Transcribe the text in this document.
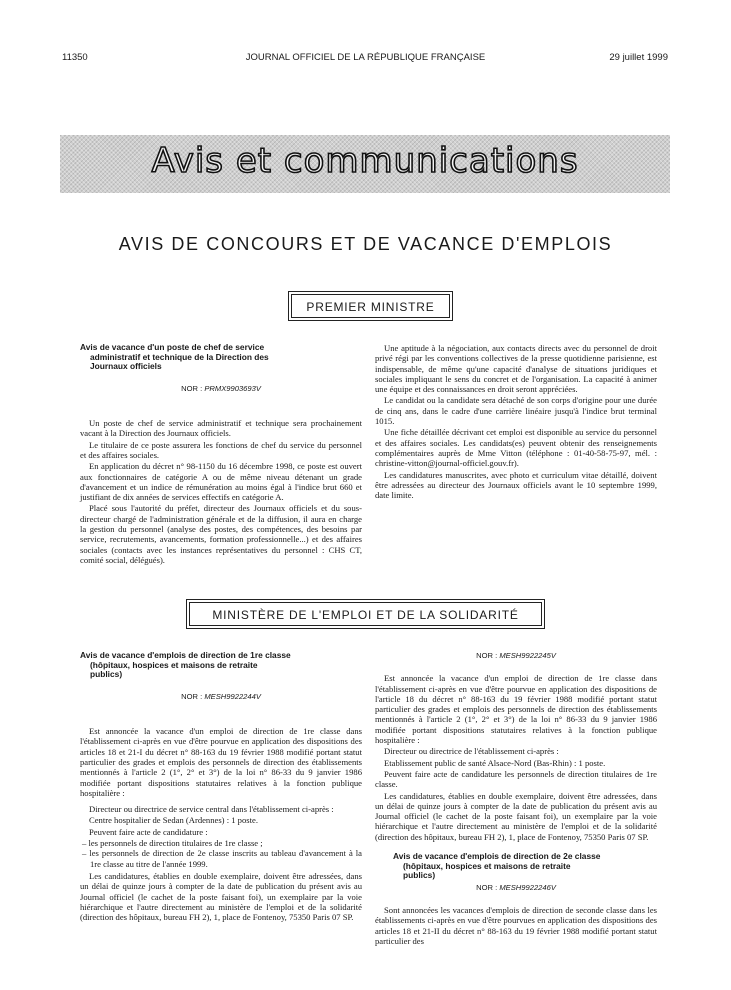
11350	JOURNAL OFFICIEL DE LA RÉPUBLIQUE FRANÇAISE	29 juillet 1999
Avis et communications
AVIS DE CONCOURS ET DE VACANCE D'EMPLOIS
PREMIER MINISTRE

Avis de vacance d'un poste de chef de service
administratif et technique de la Direction des
Journaux officiels

NOR : PRMX9903693V

Un poste de chef de service administratif et technique sera prochainement vacant à la Direction des Journaux officiels.

Le titulaire de ce poste assurera les fonctions de chef du service du personnel et des affaires sociales.

En application du décret n° 98-1150 du 16 décembre 1998, ce poste est ouvert aux fonctionnaires de catégorie A ou de même niveau détenant un grade d'avancement et un indice de rémunération au moins égal à l'indice brut 660 et justifiant de dix années de services effectifs en catégorie A.

Placé sous l'autorité du préfet, directeur des Journaux officiels et du sous-directeur chargé de l'administration générale et de la diffusion, il aura en charge la gestion du personnel (analyse des postes, des compétences, des besoins par service, recrutements, avancements, formation professionnelle...) et des affaires sociales (contacts avec les instances représentatives du personnel : CHS CT, comité social, délégués).

Une aptitude à la négociation, aux contacts directs avec du personnel de droit privé régi par les conventions collectives de la presse quotidienne parisienne, est indispensable, de même qu'une capacité d'analyse de situations juridiques et sociales impliquant le sens du concret et de l'organisation. La capacité à animer une équipe et des connaissances en droit seront appréciées.

Le candidat ou la candidate sera détaché de son corps d'origine pour une durée de cinq ans, dans le cadre d'une carrière linéaire jusqu'à l'indice brut terminal 1015.

Une fiche détaillée décrivant cet emploi est disponible au service du personnel et des affaires sociales. Les candidats(es) peuvent obtenir des renseignements complémentaires auprès de Mme Vitton (téléphone : 01-40-58-75-97, mél. : christine-vitton@journal-officiel.gouv.fr).

Les candidatures manuscrites, avec photo et curriculum vitae détaillé, doivent être adressées au directeur des Journaux officiels avant le 10 septembre 1999, date limite.

MINISTÈRE DE L'EMPLOI ET DE LA SOLIDARITÉ

Avis de vacance d'emplois de direction de 1re classe
(hôpitaux, hospices et maisons de retraite
publics)

NOR : MESH9922244V

Est annoncée la vacance d'un emploi de direction de 1re classe dans l'établissement ci-après en vue d'être pourvue en application des dispositions des articles 18 et 21-I du décret n° 88-163 du 19 février 1988 modifié portant statut particulier des grades et emplois des personnels de direction des établissements mentionnés à l'article 2 (1°, 2° et 3°) de la loi n° 86-33 du 9 janvier 1986 modifiée portant dispositions statutaires relatives à la fonction publique hospitalière :

Directeur ou directrice de service central dans l'établissement ci-après :

Centre hospitalier de Sedan (Ardennes) : 1 poste.

Peuvent faire acte de candidature :

– les personnels de direction titulaires de 1re classe ;
– les personnels de direction de 2e classe inscrits au tableau d'avancement à la 1re classe au titre de l'année 1999.

Les candidatures, établies en double exemplaire, doivent être adressées, dans un délai de quinze jours à compter de la date de publication du présent avis au Journal officiel (le cachet de la poste faisant foi), un exemplaire par la voie hiérarchique et l'autre directement au ministère de l'emploi et de la solidarité (direction des hôpitaux, bureau FH 2), 1, place de Fontenoy, 75350 Paris 07 SP.

NOR : MESH9922245V

Est annoncée la vacance d'un emploi de direction de 1re classe dans l'établissement ci-après en vue d'être pourvue en application des dispositions de l'article 18 du décret n° 88-163 du 19 février 1988 modifié portant statut particulier des grades et emplois des personnels de direction des établissements mentionnés à l'article 2 (1°, 2° et 3°) de la loi n° 86-33 du 9 janvier 1986 modifiée portant dispositions statutaires relatives à la fonction publique hospitalière :

Directeur ou directrice de l'établissement ci-après :

Etablissement public de santé Alsace-Nord (Bas-Rhin) : 1 poste.

Peuvent faire acte de candidature les personnels de direction titulaires de 1re classe.

Les candidatures, établies en double exemplaire, doivent être adressées, dans un délai de quinze jours à compter de la date de publication du présent avis au Journal officiel (le cachet de la poste faisant foi), un exemplaire par la voie hiérarchique et l'autre directement au ministère de l'emploi et de la solidarité (direction des hôpitaux, bureau FH 2), 1, place de Fontenoy, 75350 Paris 07 SP.

Avis de vacance d'emplois de direction de 2e classe
(hôpitaux, hospices et maisons de retraite
publics)

NOR : MESH9922246V

Sont annoncées les vacances d'emplois de direction de seconde classe dans les établissements ci-après en vue d'être pourvues en application des dispositions des articles 18 et 21-II du décret n° 88-163 du 19 février 1988 modifié portant statut particulier des
